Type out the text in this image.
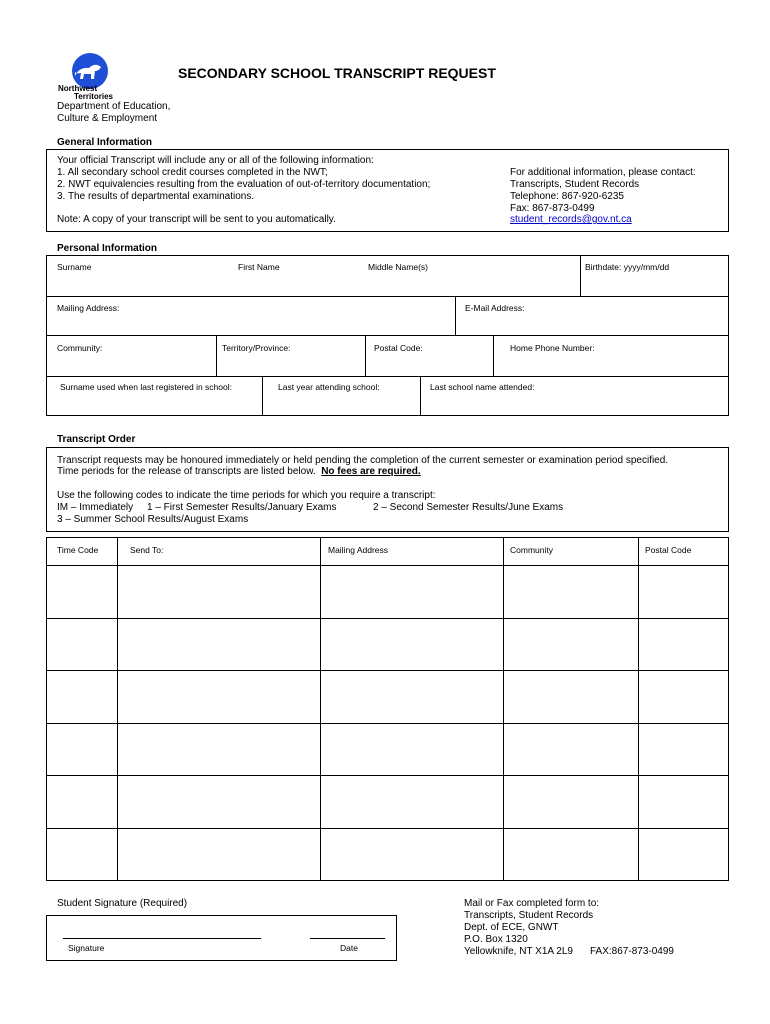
Northwest
Territories
SECONDARY SCHOOL TRANSCRIPT REQUEST
Department of Education,
Culture & Employment
General Information
Your official Transcript will include any or all of the following information:
1. All secondary school credit courses completed in the NWT;
2. NWT equivalencies resulting from the evaluation of out-of-territory documentation;
3. The results of departmental examinations.
Note: A copy of your transcript will be sent to you automatically.
For additional information, please contact:
Transcripts, Student Records
Telephone: 867-920-6235
Fax: 867-873-0499
student_records@gov.nt.ca
Personal Information
Surname	First Name	Middle Name(s)	Birthdate: yyyy/mm/dd
Mailing Address:	E-Mail Address:
Community:	Territory/Province:	Postal Code:	Home Phone Number:
Surname used when last registered in school:	Last year attending school:	Last school name attended:
Transcript Order
Transcript requests may be honoured immediately or held pending the completion of the current semester or examination period specified.
Time periods for the release of transcripts are listed below. No fees are required.
Use the following codes to indicate the time periods for which you require a transcript:
IM – Immediately 1 – First Semester Results/January Exams	2 – Second Semester Results/June Exams
3 – Summer School Results/August Exams
Time Code	Send To:	Mailing Address	Community	Postal Code
Student Signature (Required)
Signature	Date
Mail or Fax completed form to:
Transcripts, Student Records
Dept. of ECE, GNWT
P.O. Box 1320
Yellowknife, NT X1A 2L9 FAX:867-873-0499
